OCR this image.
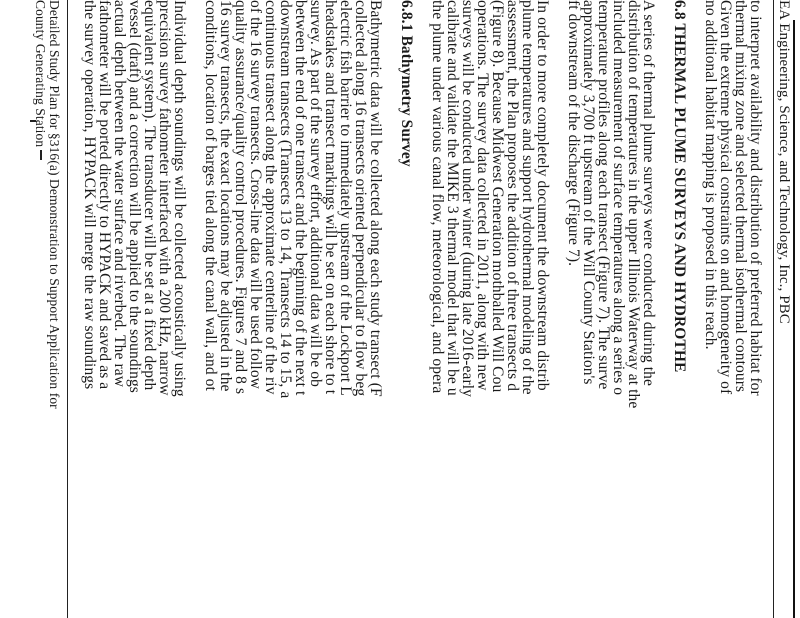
EA Engineering, Science, and Technology, Inc., PBC
to interpret availability and distribution of preferred habitat for
thermal mixing zone and selected thermal isothermal contours
Given the extreme physical constraints on and homogeneity of
no additional habitat mapping is proposed in this reach.
6.8 THERMAL PLUME SURVEYS AND HYDROTHE
A series of thermal plume surveys were conducted during the
distribution of temperatures in the upper Illinois Waterway at the
included measurement of surface temperatures along a series o
temperature profiles along each transect (Figure 7). The surve
approximately 3,700 ft upstream of the Will County Station's
ft downstream of the discharge (Figure 7).
In order to more completely document the downstream distrib
plume temperatures and support hydrothermal modeling of the
assessment, the Plan proposes the addition of three transects d
(Figure 8). Because Midwest Generation mothballed Will Cou
operations. The survey data collected in 2011, along with new
surveys will be conducted under winter (during late 2016-early
calibrate and validate the MIKE 3 thermal model that will be u
the plume under various canal flow, meteorological, and opera
6.8.1 Bathymetry Survey
Bathymetric data will be collected along each study transect (F
collected along 16 transects oriented perpendicular to flow beg
electric fish barrier to immediately upstream of the Lockport L
headstakes and transect markings will be set on each shore to t
survey. As part of the survey effort, additional data will be ob
between the end of one transect and the beginning of the next t
downstream transects (Transects 13 to 14, Transects 14 to 15, a
continuous transect along the approximate centerline of the riv
of the 16 survey transects. Cross-line data will be used follow
quality assurance/quality control procedures. Figures 7 and 8 s
16 survey transects, the exact locations may be adjusted in the
conditions, location of barges tied along the canal wall, and ot
Individual depth soundings will be collected acoustically using
precision survey fathometer interfaced with a 200 kHz, narrow
equivalent system). The transducer will be set at a fixed depth
vessel (draft) and a correction will be applied to the soundings
actual depth between the water surface and riverbed. The raw
fathometer will be ported directly to HYPACK and saved as a
the survey operation, HYPACK will merge the raw soundings
Detailed Study Plan for §316(a) Demonstration to Support Application for
County Generating Station
